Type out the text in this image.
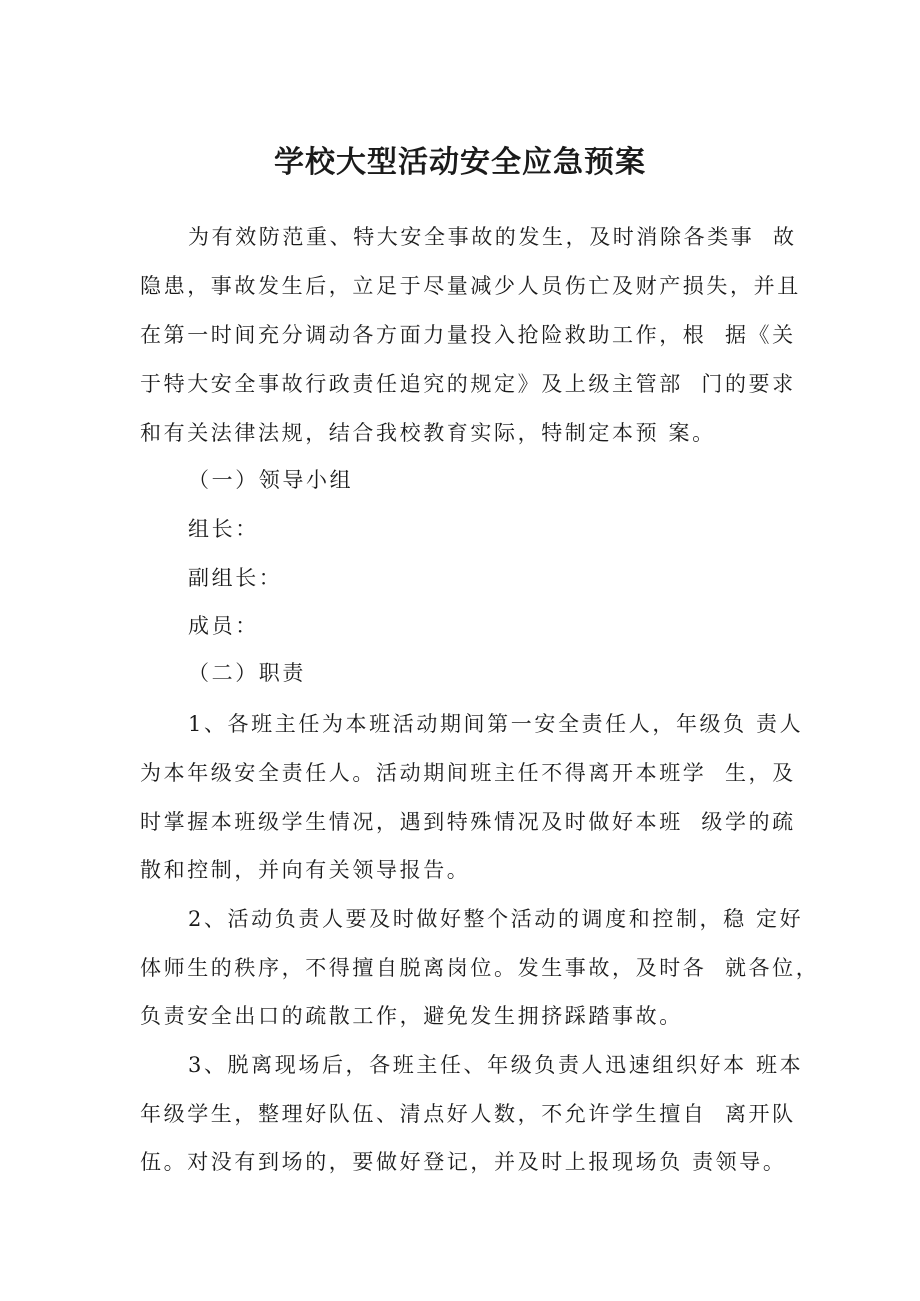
学校大型活动安全应急预案

为有效防范重、特大安全事故的发生，及时消除各类事  故

隐患，事故发生后，立足于尽量减少人员伤亡及财产损失，并且

在第一时间充分调动各方面力量投入抢险救助工作，根  据《关

于特大安全事故行政责任追究的规定》及上级主管部  门的要求

和有关法律法规，结合我校教育实际，特制定本预 案。

（一）领导小组

组长：

副组长：

成员：

（二）职责

1、各班主任为本班活动期间第一安全责任人，年级负 责人

为本年级安全责任人。活动期间班主任不得离开本班学  生，及

时掌握本班级学生情况，遇到特殊情况及时做好本班  级学的疏

散和控制，并向有关领导报告。

2、活动负责人要及时做好整个活动的调度和控制，稳 定好

体师生的秩序，不得擅自脱离岗位。发生事故，及时各  就各位，

负责安全出口的疏散工作，避免发生拥挤踩踏事故。

3、脱离现场后，各班主任、年级负责人迅速组织好本 班本

年级学生，整理好队伍、清点好人数，不允许学生擅自  离开队

伍。对没有到场的，要做好登记，并及时上报现场负 责领导。
